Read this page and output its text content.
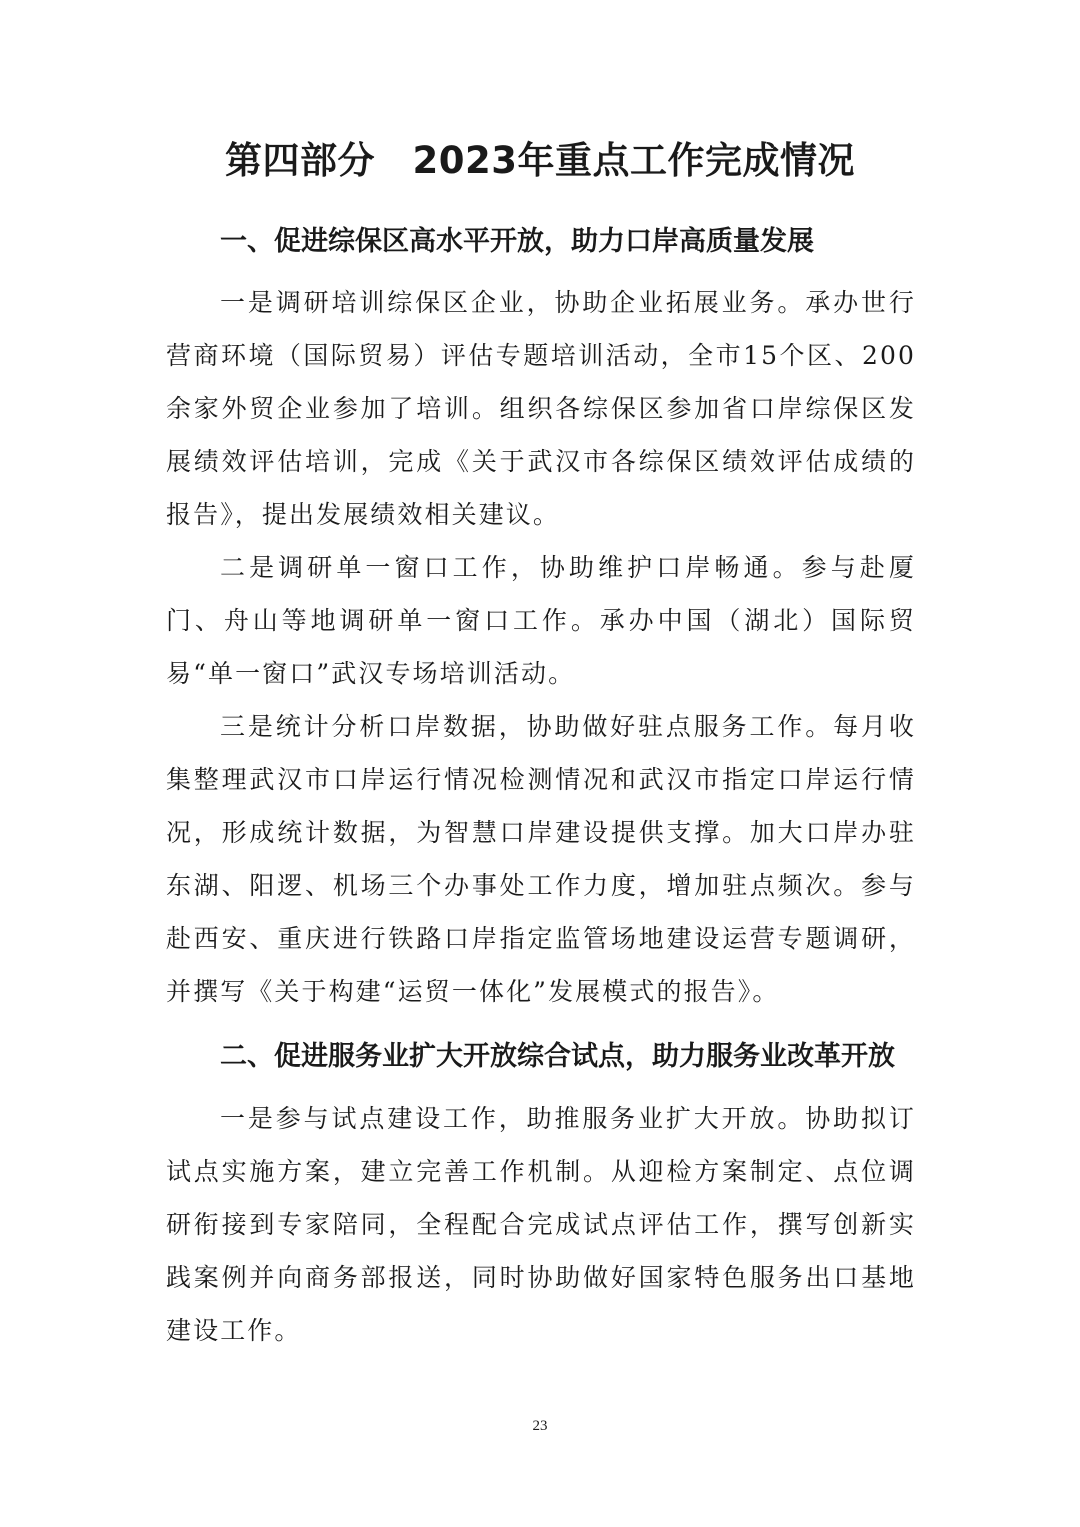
第四部分　2023年重点工作完成情况
一、促进综保区高水平开放，助力口岸高质量发展

一是调研培训综保区企业，协助企业拓展业务。承办世行营商环境（国际贸易）评估专题培训活动，全市15个区、200余家外贸企业参加了培训。组织各综保区参加省口岸综保区发展绩效评估培训，完成《关于武汉市各综保区绩效评估成绩的报告》，提出发展绩效相关建议。

二是调研单一窗口工作，协助维护口岸畅通。参与赴厦门、舟山等地调研单一窗口工作。承办中国（湖北）国际贸易“单一窗口”武汉专场培训活动。

三是统计分析口岸数据，协助做好驻点服务工作。每月收集整理武汉市口岸运行情况检测情况和武汉市指定口岸运行情况，形成统计数据，为智慧口岸建设提供支撑。加大口岸办驻东湖、阳逻、机场三个办事处工作力度，增加驻点频次。参与赴西安、重庆进行铁路口岸指定监管场地建设运营专题调研，并撰写《关于构建“运贸一体化”发展模式的报告》。

二、促进服务业扩大开放综合试点，助力服务业改革开放

一是参与试点建设工作，助推服务业扩大开放。协助拟订试点实施方案，建立完善工作机制。从迎检方案制定、点位调研衔接到专家陪同，全程配合完成试点评估工作，撰写创新实践案例并向商务部报送，同时协助做好国家特色服务出口基地建设工作。

23
